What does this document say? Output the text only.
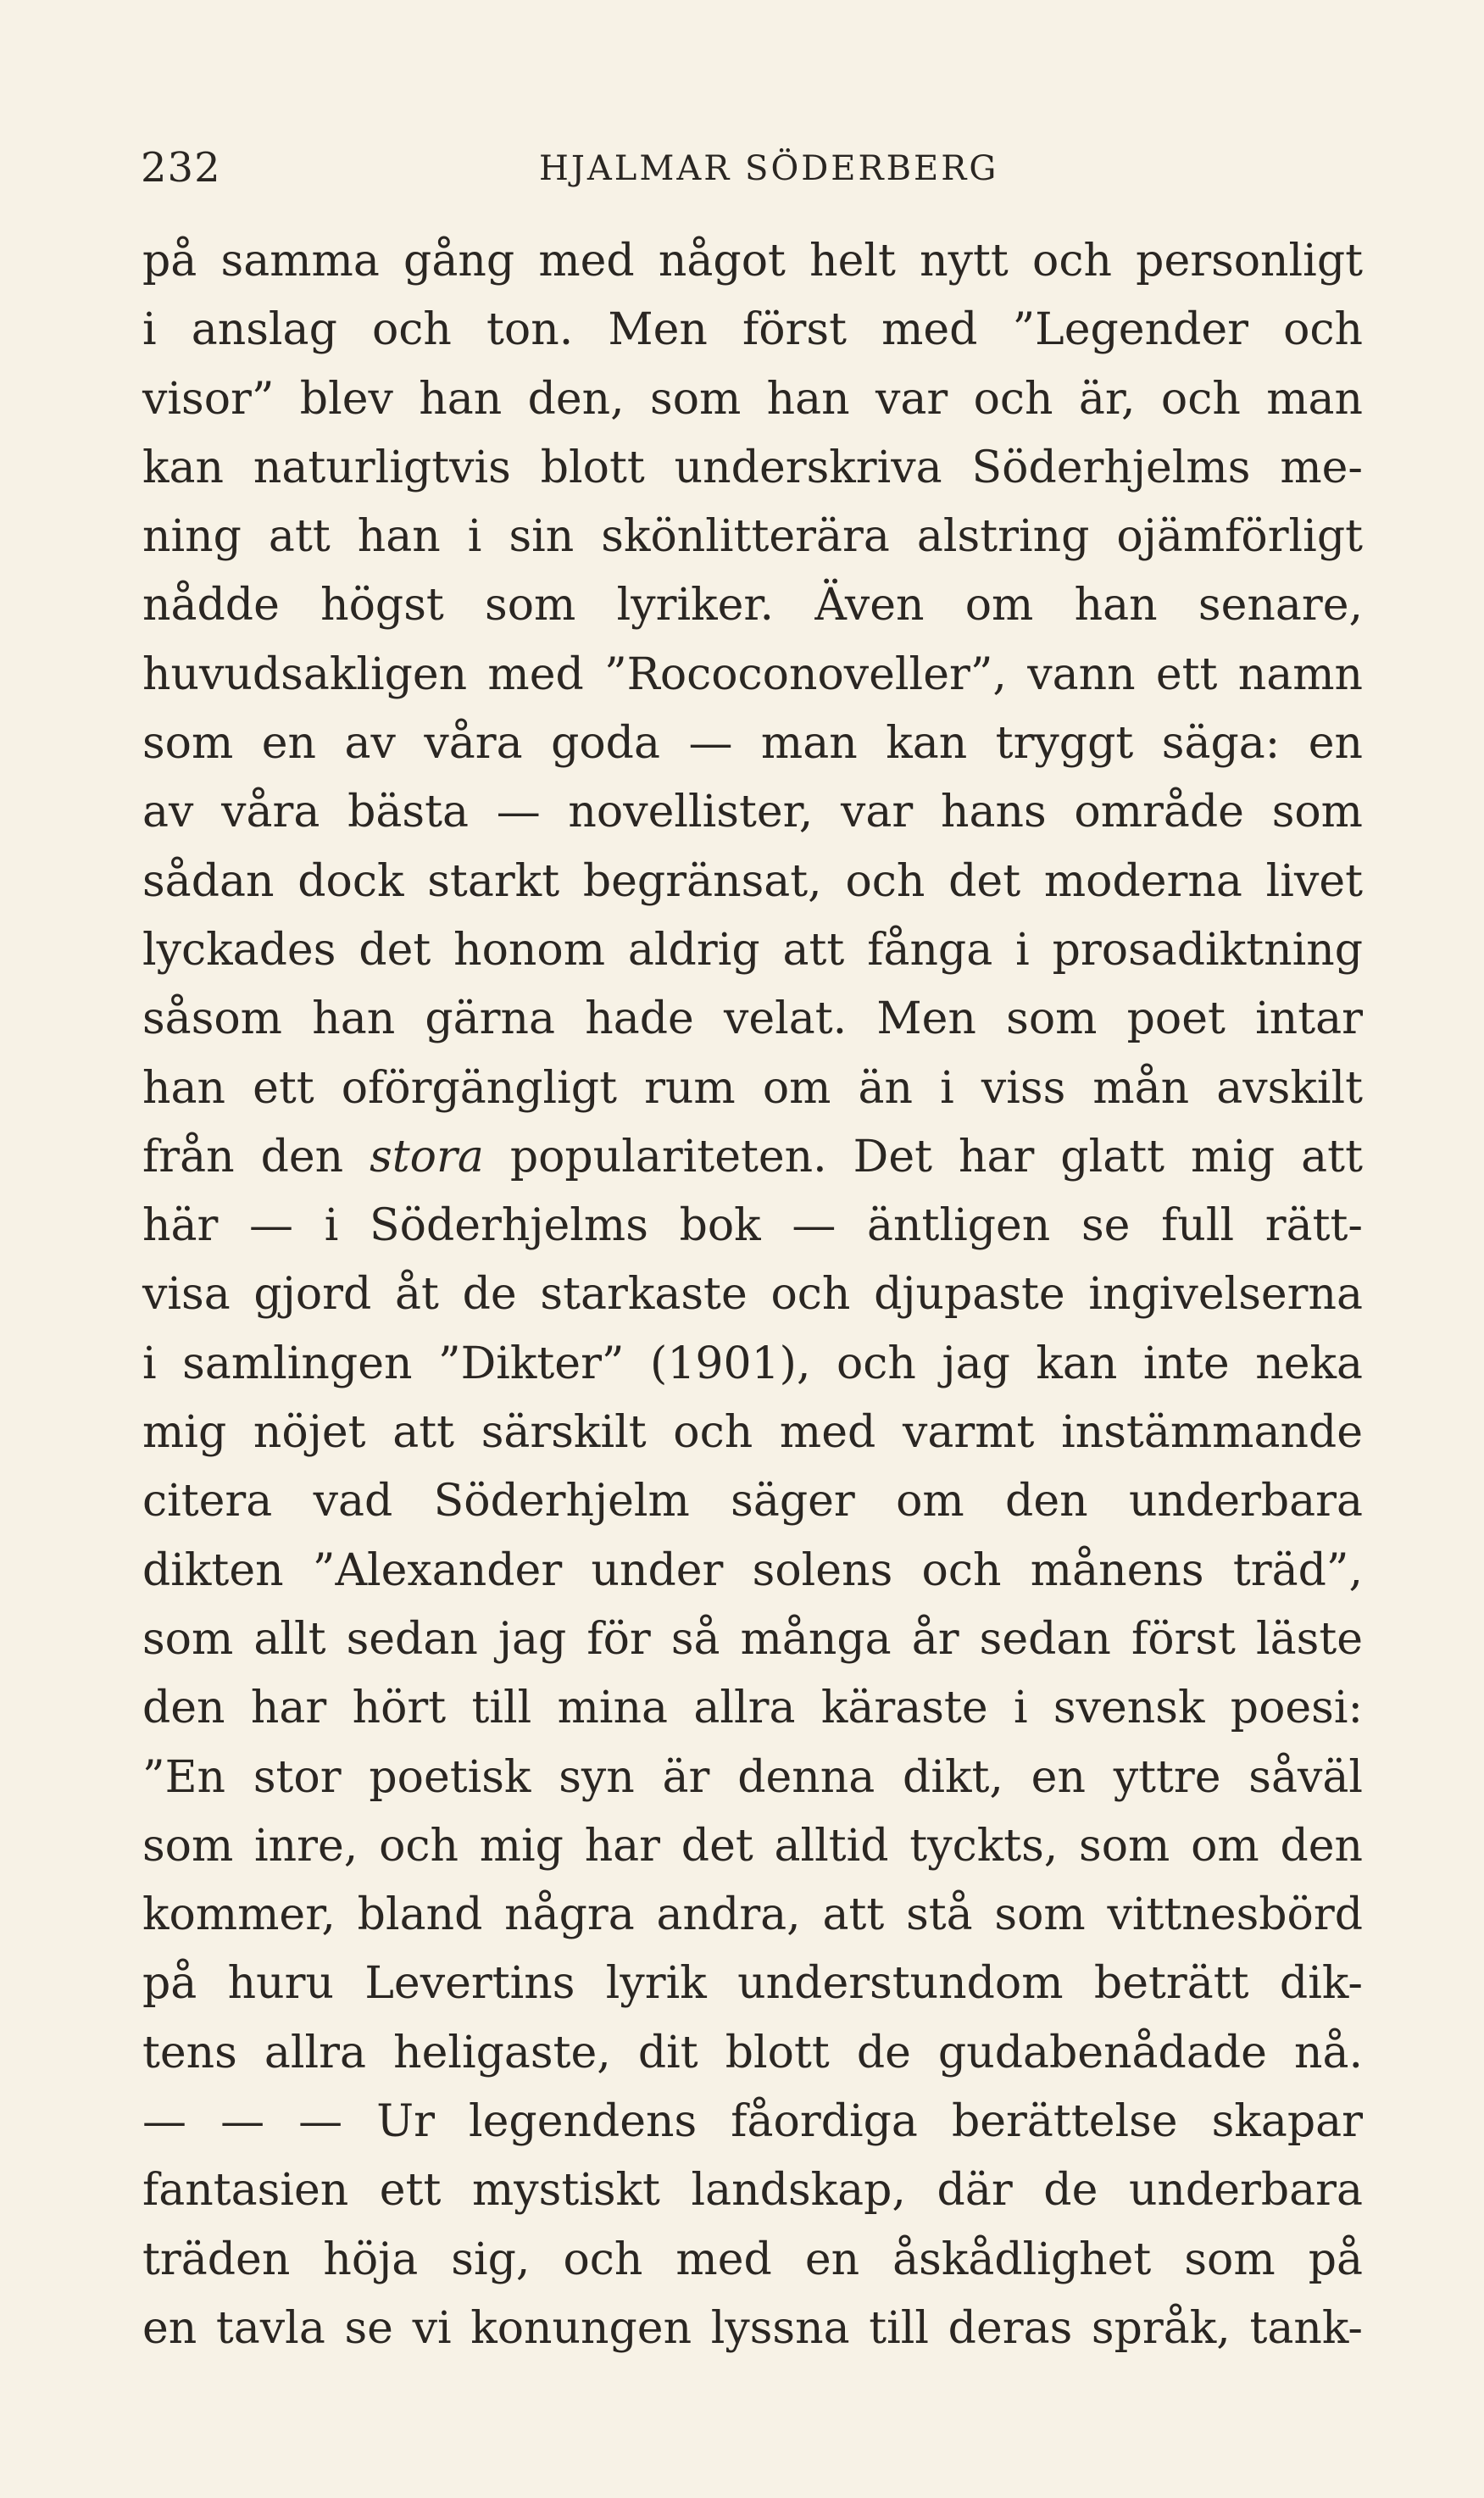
232	HJALMAR SÖDERBERG
på samma gång med något helt nytt och personligt
i anslag och ton. Men först med ”Legender och
visor” blev han den, som han var och är, och man
kan naturligtvis blott underskriva Söderhjelms me-
ning att han i sin skönlitterära alstring ojämförligt
nådde högst som lyriker. Även om han senare,
huvudsakligen med ”Rococonoveller”, vann ett namn
som en av våra goda — man kan tryggt säga: en
av våra bästa — novellister, var hans område som
sådan dock starkt begränsat, och det moderna livet
lyckades det honom aldrig att fånga i prosadiktning
såsom han gärna hade velat. Men som poet intar
han ett oförgängligt rum om än i viss mån avskilt
från den stora populariteten. Det har glatt mig att
här — i Söderhjelms bok — äntligen se full rätt-
visa gjord åt de starkaste och djupaste ingivelserna
i samlingen ”Dikter” (1901), och jag kan inte neka
mig nöjet att särskilt och med varmt instämmande
citera vad Söderhjelm säger om den underbara
dikten ”Alexander under solens och månens träd”,
som allt sedan jag för så många år sedan först läste
den har hört till mina allra käraste i svensk poesi:
”En stor poetisk syn är denna dikt, en yttre såväl
som inre, och mig har det alltid tyckts, som om den
kommer, bland några andra, att stå som vittnesbörd
på huru Levertins lyrik understundom beträtt dik-
tens allra heligaste, dit blott de gudabenådade nå.
— — — Ur legendens fåordiga berättelse skapar
fantasien ett mystiskt landskap, där de underbara
träden höja sig, och med en åskådlighet som på
en tavla se vi konungen lyssna till deras språk, tank-
